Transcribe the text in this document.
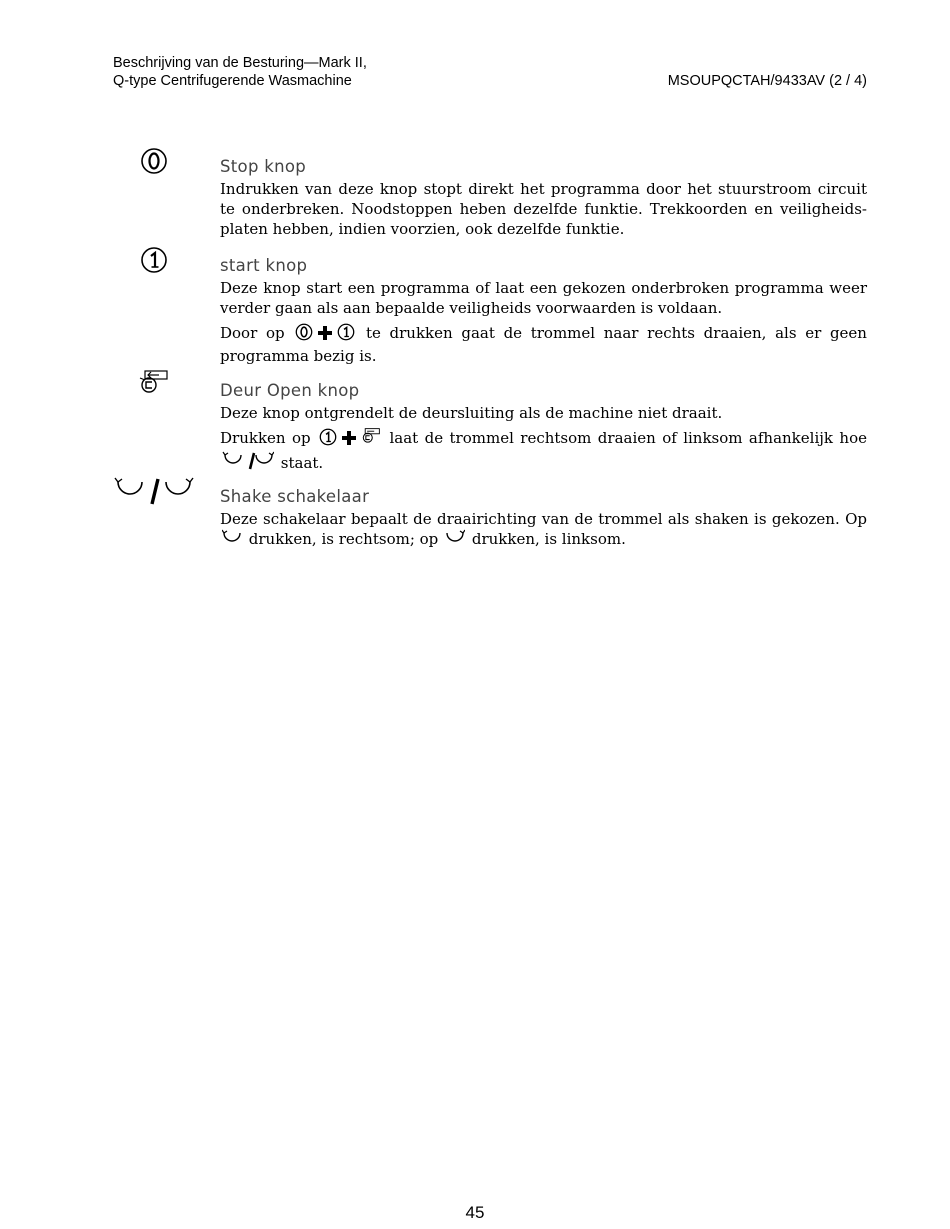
Beschrijving van de Besturing—Mark II,
Q-type Centrifugerende Wasmachine	MSOUPQCTAH/9433AV (2 / 4)
Stop knop
Indrukken van deze knop stopt direkt het programma door het stuurstroom circuit te onderbreken. Noodstoppen heben dezelfde funktie. Trekkoorden en veiligheids-platen hebben, indien voorzien, ook dezelfde funktie.
start knop
Deze knop start een programma of laat een gekozen onderbroken programma weer verder gaan als aan bepaalde veiligheids voorwaarden is voldaan.
Door op	te drukken gaat de trommel naar rechts draaien, als er geen programma bezig is.
Deur Open knop
Deze knop ontgrendelt de deursluiting als de machine niet draait.
Drukken op	laat de trommel rechtsom draaien of linksom afhankelijk hoe  staat.
Shake schakelaar
Deze schakelaar bepaalt de draairichting van de trommel als shaken is gekozen. Op  drukken, is rechtsom; op drukken, is linksom.
45
